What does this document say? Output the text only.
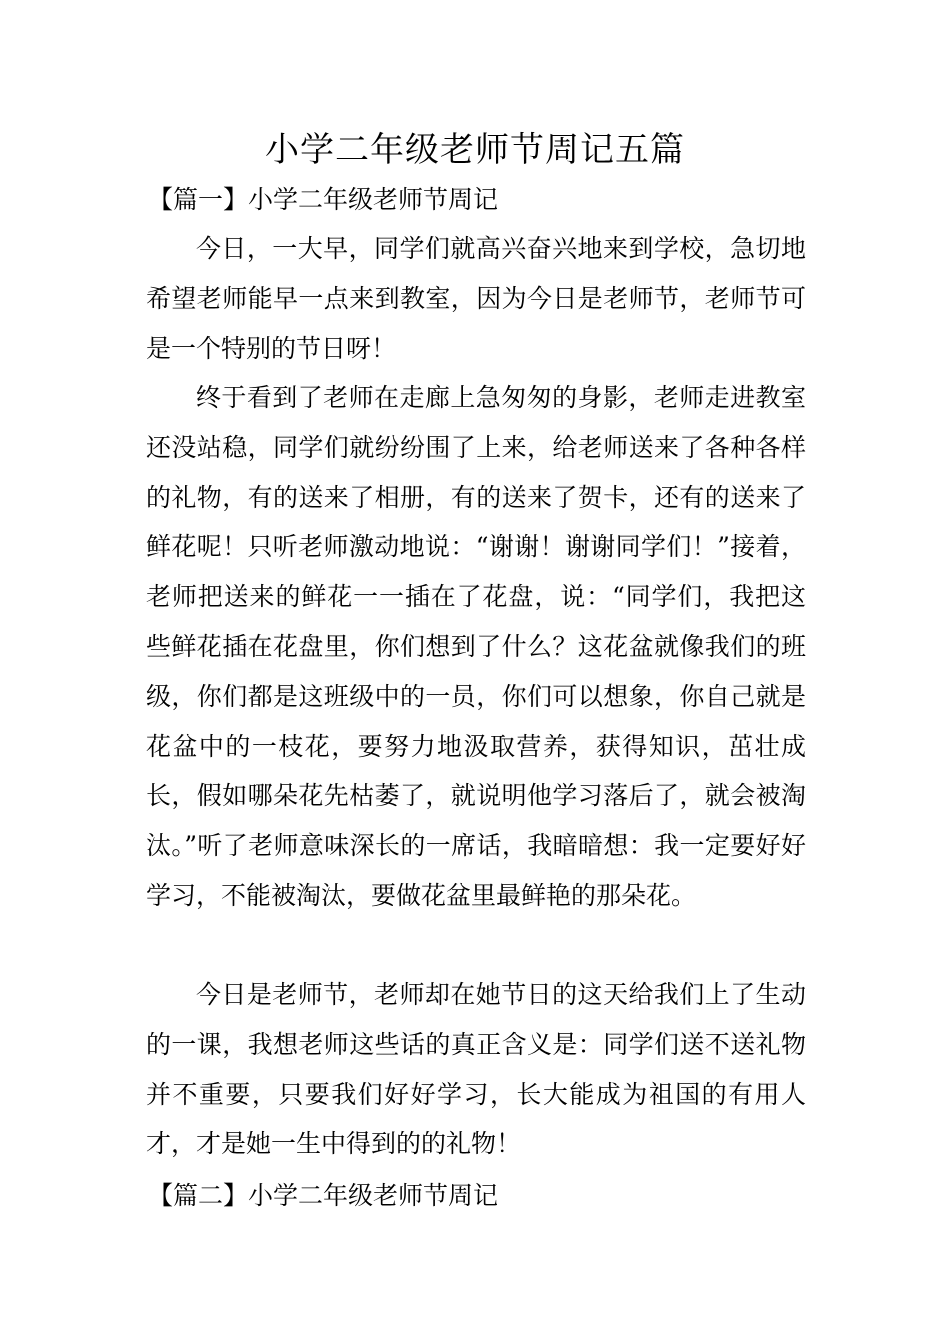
小学二年级老师节周记五篇
【篇一】小学二年级老师节周记

今日，一大早，同学们就高兴奋兴地来到学校，急切地希望老师能早一点来到教室，因为今日是老师节，老师节可是一个特别的节日呀！

终于看到了老师在走廊上急匆匆的身影，老师走进教室还没站稳，同学们就纷纷围了上来，给老师送来了各种各样的礼物，有的送来了相册，有的送来了贺卡，还有的送来了鲜花呢！只听老师激动地说：“谢谢！谢谢同学们！”接着，老师把送来的鲜花一一插在了花盘，说：“同学们，我把这些鲜花插在花盘里，你们想到了什么？这花盆就像我们的班级，你们都是这班级中的一员，你们可以想象，你自己就是花盆中的一枝花，要努力地汲取营养，获得知识，茁壮成长，假如哪朵花先枯萎了，就说明他学习落后了，就会被淘汰。”听了老师意味深长的一席话，我暗暗想：我一定要好好学习，不能被淘汰，要做花盆里最鲜艳的那朵花。

今日是老师节，老师却在她节日的这天给我们上了生动的一课，我想老师这些话的真正含义是：同学们送不送礼物并不重要，只要我们好好学习，长大能成为祖国的有用人才，才是她一生中得到的的礼物！

【篇二】小学二年级老师节周记
